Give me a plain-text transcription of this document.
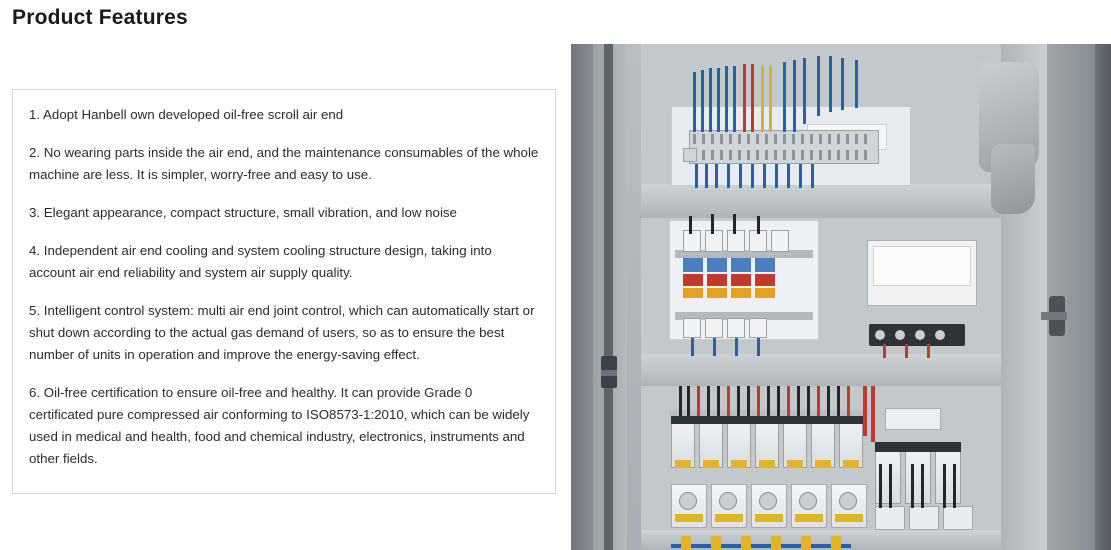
Product Features

1. Adopt Hanbell own developed oil-free scroll air end

2. No wearing parts inside the air end, and the maintenance consumables of the whole machine are less. It is simpler, worry-free and easy to use.

3. Elegant appearance, compact structure, small vibration, and low noise

4. Independent air end cooling and system cooling structure design, taking into account air end reliability and system air supply quality.

5. Intelligent control system: multi air end joint control, which can automatically start or shut down according to the actual gas demand of users, so as to ensure the best number of units in operation and improve the energy-saving effect.

6. Oil-free certification to ensure oil-free and healthy. It can provide Grade 0 certificated pure compressed air conforming to ISO8573-1:2010, which can be widely used in medical and health, food and chemical industry, electronics, instruments and other fields.
